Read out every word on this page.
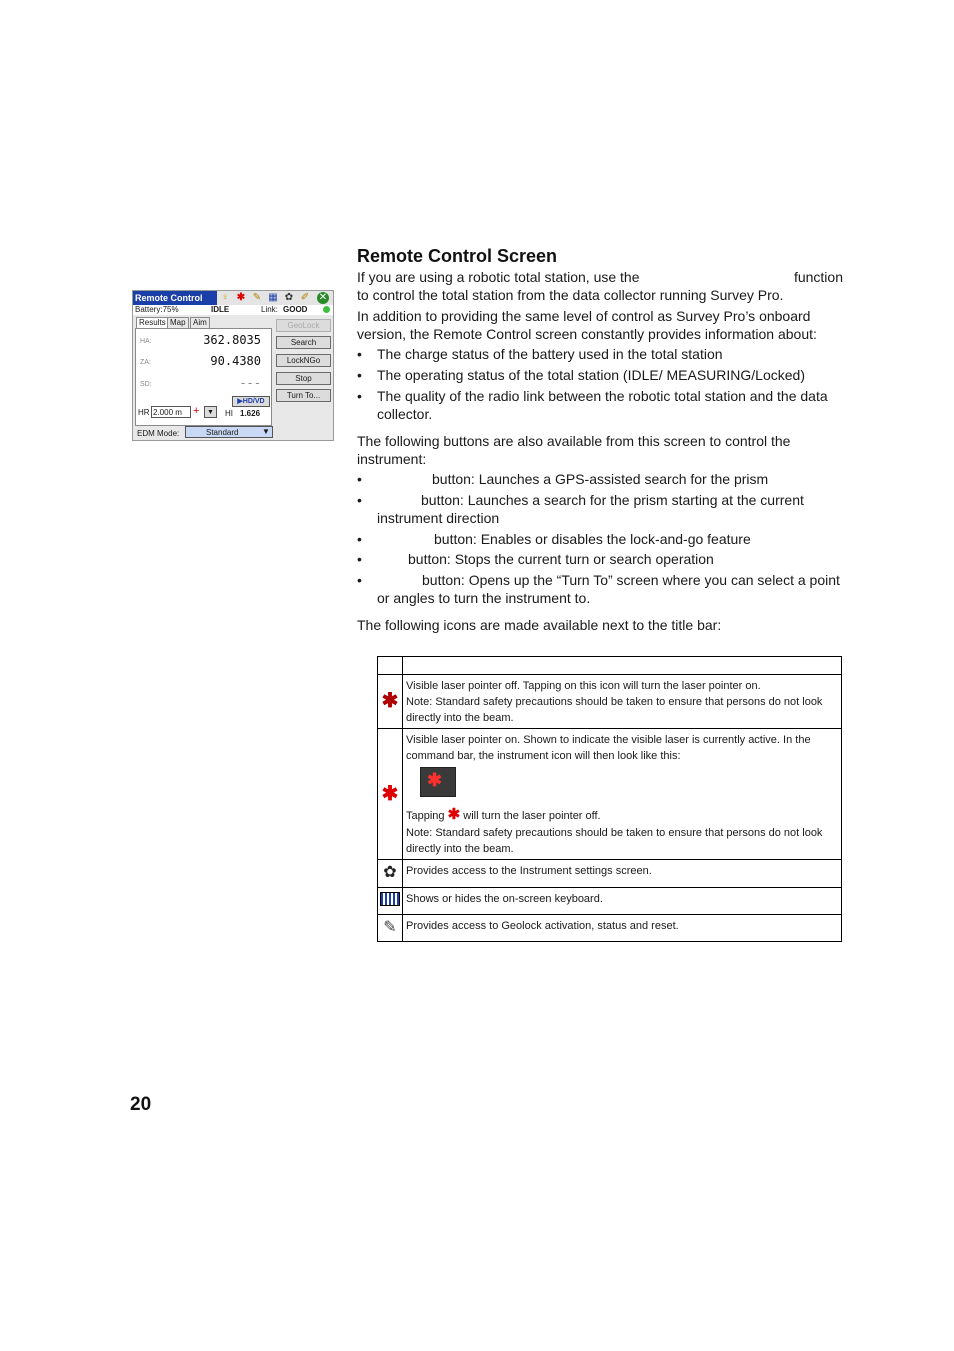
Remote Control	♀ ✱ ✎ ▦ ✿ ✐ ✕
Battery:75%	IDLE	Link: GOOD
Results Map Aim
HA:	362.8035
ZA:	90.4380
SD:	---
▶HD/VD
HR 2.000 m	+	▼	HI 1.626
EDM Mode:	Standard	▼
GeoLock
Search
LockNGo
Stop
Turn To...
Remote Control Screen
If you are using a robotic total station, use the	function

to control the total station from the data collector running Survey Pro.
In addition to providing the same level of control as Survey Pro’s onboard
version, the Remote Control screen constantly provides information about:
• The charge status of the battery used in the total station
• The operating status of the total station (IDLE/ MEASURING/Locked)
• The quality of the radio link between the robotic total station and the data
collector.
The following buttons are also available from this screen to control the
instrument:
•	button: Launches a GPS-assisted search for the prism
•	button: Launches a search for the prism starting at the current
instrument direction
•	button: Enables or disables the lock-and-go feature
•	button: Stops the current turn or search operation
•	button: Opens up the “Turn To” screen where you can select a point
or angles to turn the instrument to.
The following icons are made available next to the title bar:

✱	Visible laser pointer off. Tapping on this icon will turn the laser pointer on.

Note: Standard safety precautions should be taken to ensure that persons do not look directly into the beam.

✱	Visible laser pointer on. Shown to indicate the visible laser is currently active. In the command bar, the instrument icon will then look like this:

✱

Tapping ✱ will turn the laser pointer off.

Note: Standard safety precautions should be taken to ensure that persons do not look directly into the beam.

✿	Provides access to the Instrument settings screen.
	Shows or hides the on-screen keyboard.
✎	Provides access to Geolock activation, status and reset.
20
